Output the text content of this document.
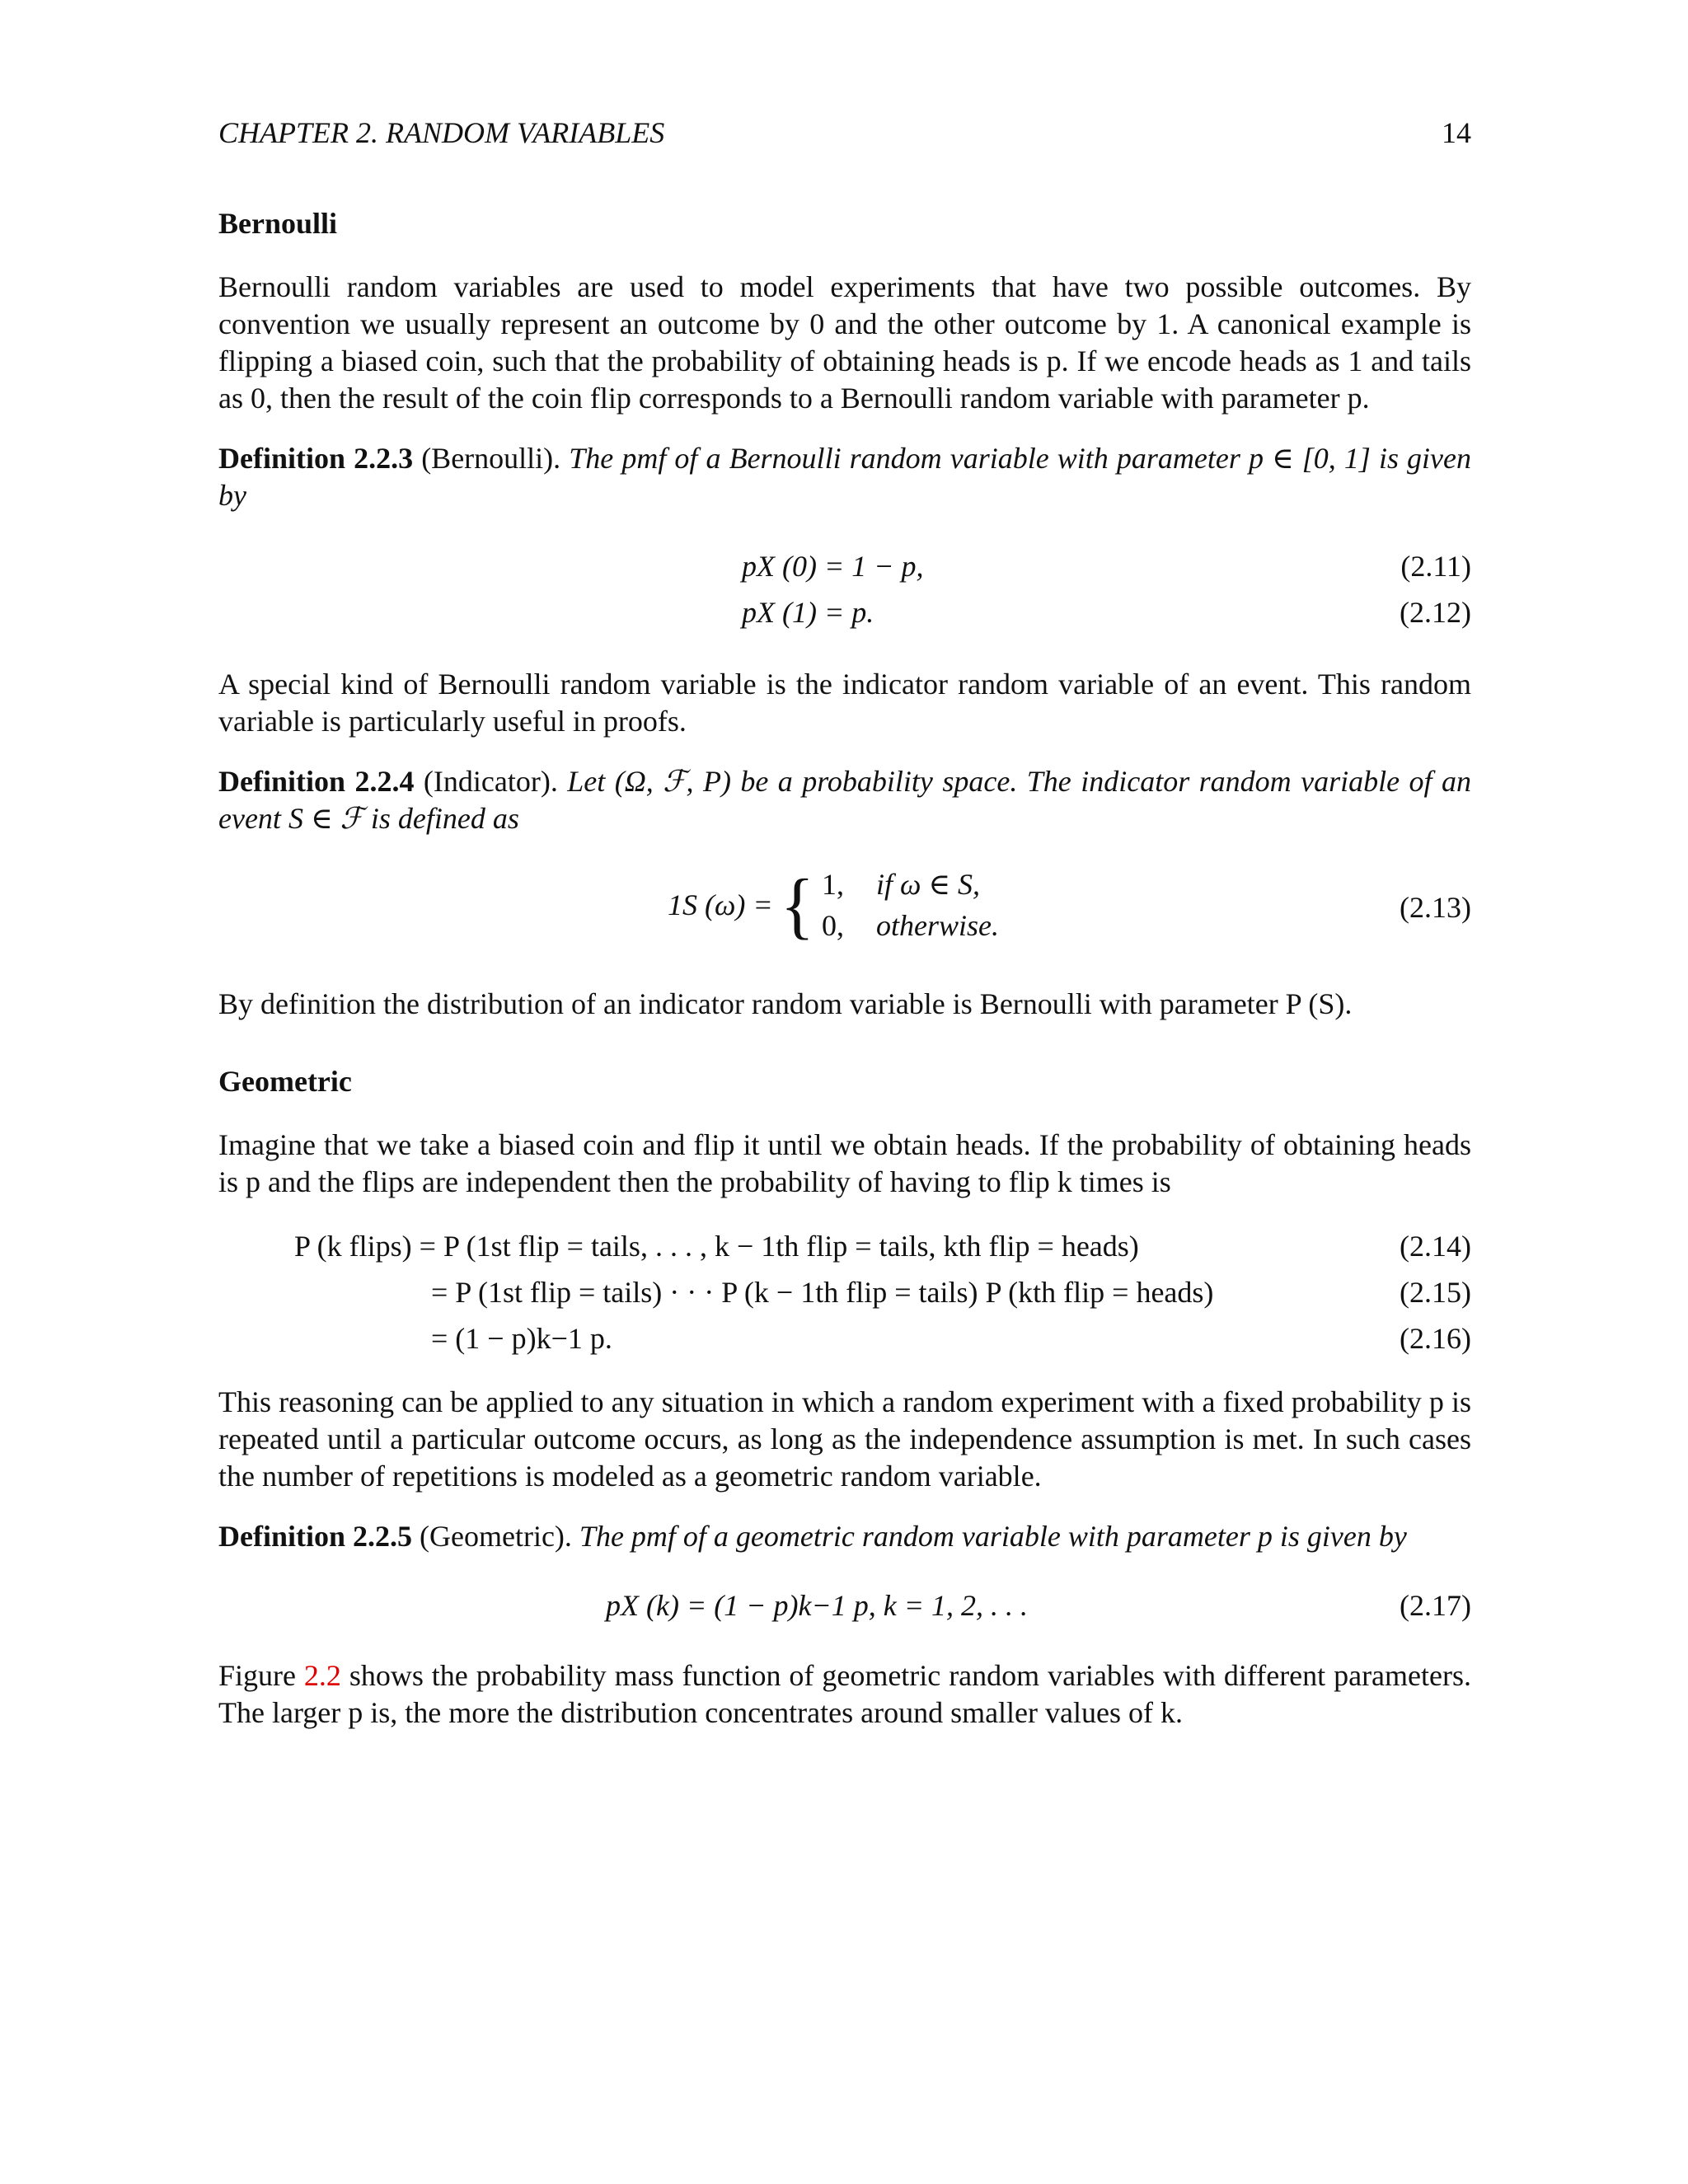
CHAPTER 2. RANDOM VARIABLES	14
Bernoulli

Bernoulli random variables are used to model experiments that have two possible outcomes. By convention we usually represent an outcome by 0 and the other outcome by 1. A canonical example is flipping a biased coin, such that the probability of obtaining heads is p. If we encode heads as 1 and tails as 0, then the result of the coin flip corresponds to a Bernoulli random variable with parameter p.

Definition 2.2.3 (Bernoulli). The pmf of a Bernoulli random variable with parameter p ∈ [0, 1] is given by

pX (0) = 1 − p,	(2.11)
pX (1) = p.	(2.12)

A special kind of Bernoulli random variable is the indicator random variable of an event. This random variable is particularly useful in proofs.

Definition 2.2.4 (Indicator). Let (Ω, ℱ, P) be a probability space. The indicator random variable of an event S ∈ ℱ is defined as

1S (ω) = { 1, if ω ∈ S,
0, otherwise.
(2.13)

By definition the distribution of an indicator random variable is Bernoulli with parameter P (S).

Geometric

Imagine that we take a biased coin and flip it until we obtain heads. If the probability of obtaining heads is p and the flips are independent then the probability of having to flip k times is

P (k flips) = P (1st flip = tails, . . . , k − 1th flip = tails, kth flip = heads)	(2.14)
= P (1st flip = tails) · · · P (k − 1th flip = tails) P (kth flip = heads)	(2.15)
= (1 − p)k−1 p.	(2.16)

This reasoning can be applied to any situation in which a random experiment with a fixed probability p is repeated until a particular outcome occurs, as long as the independence assumption is met. In such cases the number of repetitions is modeled as a geometric random variable.

Definition 2.2.5 (Geometric). The pmf of a geometric random variable with parameter p is given by

pX (k) = (1 − p)k−1 p, k = 1, 2, . . .	(2.17)

Figure 2.2 shows the probability mass function of geometric random variables with different parameters. The larger p is, the more the distribution concentrates around smaller values of k.
